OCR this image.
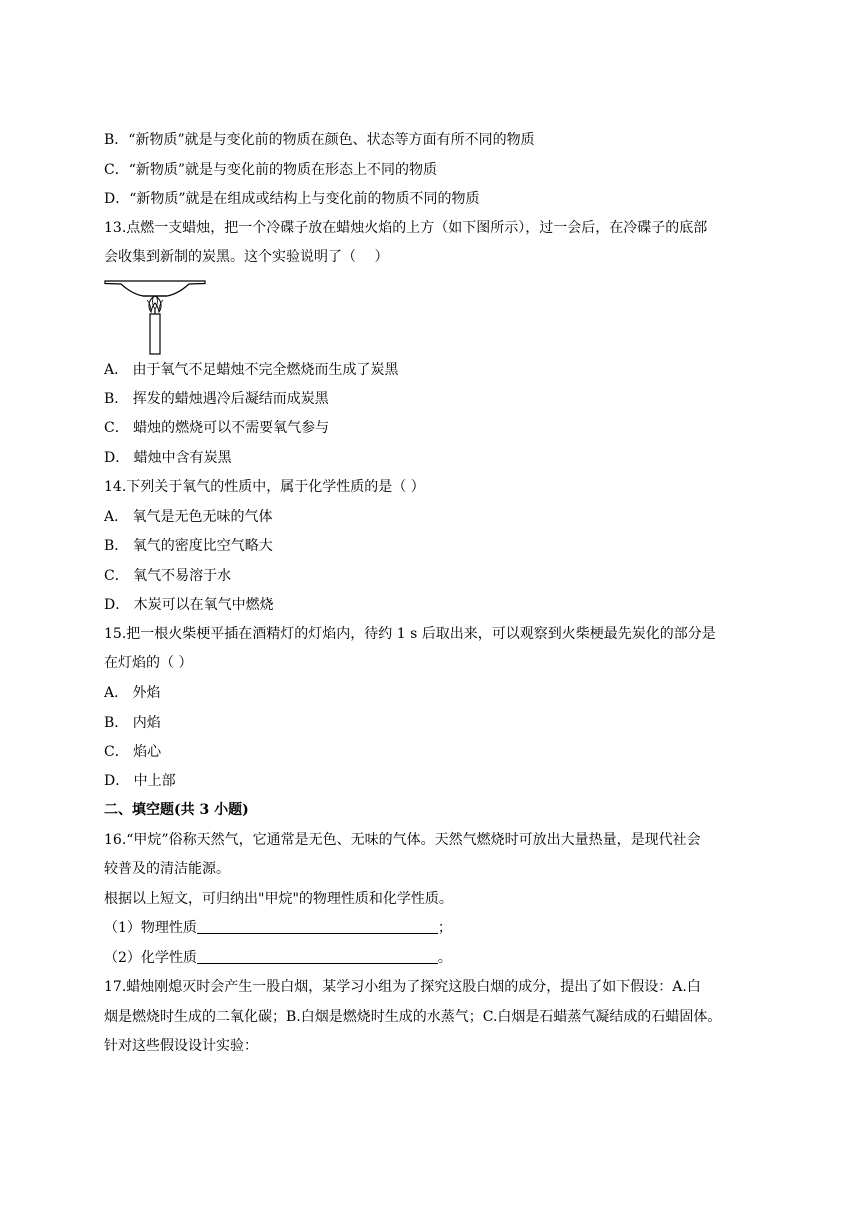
B．“新物质”就是与变化前的物质在颜色、状态等方面有所不同的物质
C．“新物质”就是与变化前的物质在形态上不同的物质
D．“新物质”就是在组成或结构上与变化前的物质不同的物质
13.点燃一支蜡烛，把一个冷碟子放在蜡烛火焰的上方（如下图所示），过一会后，在冷碟子的底部
会收集到新制的炭黑。这个实验说明了（　 ）
A． 由于氧气不足蜡烛不完全燃烧而生成了炭黑
B． 挥发的蜡烛遇冷后凝结而成炭黑
C． 蜡烛的燃烧可以不需要氧气参与
D． 蜡烛中含有炭黑
14.下列关于氧气的性质中，属于化学性质的是（ ）
A． 氧气是无色无味的气体
B． 氧气的密度比空气略大
C． 氧气不易溶于水
D． 木炭可以在氧气中燃烧
15.把一根火柴梗平插在酒精灯的灯焰内，待约 1 s 后取出来，可以观察到火柴梗最先炭化的部分是
在灯焰的（ ）
A． 外焰
B． 内焰
C． 焰心
D． 中上部
二、填空题(共 3 小题)
16.“甲烷”俗称天然气，它通常是无色、无味的气体。天然气燃烧时可放出大量热量，是现代社会
较普及的清洁能源。
根据以上短文，可归纳出"甲烷"的物理性质和化学性质。
（1）物理性质	；
（2）化学性质	。
17.蜡烛刚熄灭时会产生一股白烟，某学习小组为了探究这股白烟的成分，提出了如下假设：A.白
烟是燃烧时生成的二氧化碳；B.白烟是燃烧时生成的水蒸气；C.白烟是石蜡蒸气凝结成的石蜡固体。
针对这些假设设计实验：
